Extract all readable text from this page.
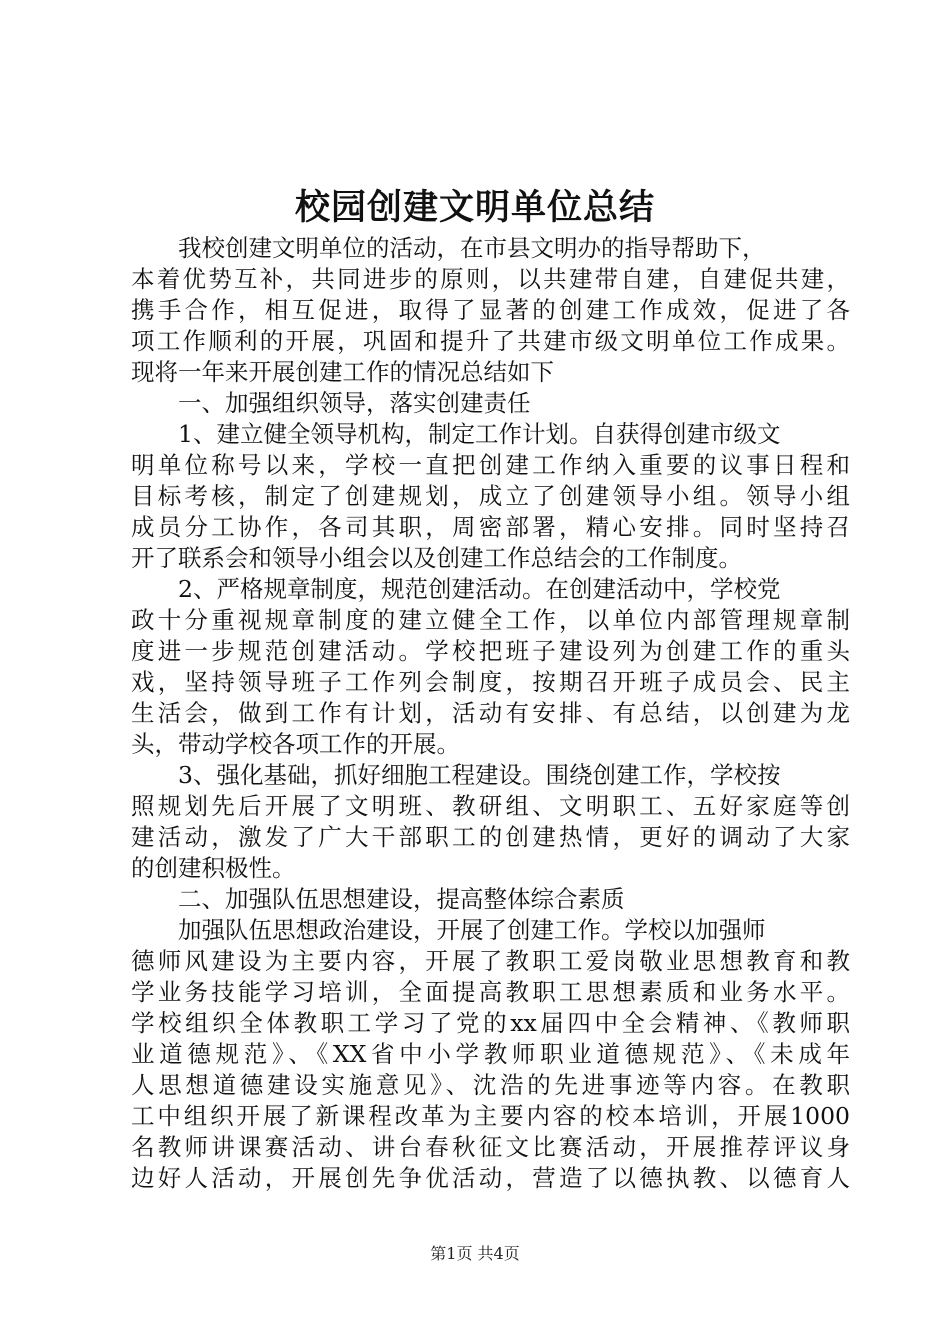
校园创建文明单位总结
我校创建文明单位的活动，在市县文明办的指导帮助下，
本着优势互补，共同进步的原则，以共建带自建，自建促共建，
携手合作，相互促进，取得了显著的创建工作成效，促进了各
项工作顺利的开展，巩固和提升了共建市级文明单位工作成果。
现将一年来开展创建工作的情况总结如下
一、加强组织领导，落实创建责任
1、建立健全领导机构，制定工作计划。自获得创建市级文
明单位称号以来，学校一直把创建工作纳入重要的议事日程和
目标考核，制定了创建规划，成立了创建领导小组。领导小组
成员分工协作，各司其职，周密部署，精心安排。同时坚持召
开了联系会和领导小组会以及创建工作总结会的工作制度。
2、严格规章制度，规范创建活动。在创建活动中，学校党
政十分重视规章制度的建立健全工作，以单位内部管理规章制
度进一步规范创建活动。学校把班子建设列为创建工作的重头
戏，坚持领导班子工作列会制度，按期召开班子成员会、民主
生活会，做到工作有计划，活动有安排、有总结，以创建为龙
头，带动学校各项工作的开展。
3、强化基础，抓好细胞工程建设。围绕创建工作，学校按
照规划先后开展了文明班、教研组、文明职工、五好家庭等创
建活动，激发了广大干部职工的创建热情，更好的调动了大家
的创建积极性。
二、加强队伍思想建设，提高整体综合素质
加强队伍思想政治建设，开展了创建工作。学校以加强师
德师风建设为主要内容，开展了教职工爱岗敬业思想教育和教
学业务技能学习培训，全面提高教职工思想素质和业务水平。
学校组织全体教职工学习了党的xx届四中全会精神、《教师职
业道德规范》、《XX省中小学教师职业道德规范》、《未成年
人思想道德建设实施意见》、沈浩的先进事迹等内容。在教职
工中组织开展了新课程改革为主要内容的校本培训，开展1000
名教师讲课赛活动、讲台春秋征文比赛活动，开展推荐评议身
边好人活动，开展创先争优活动，营造了以德执教、以德育人
第1页 共4页
